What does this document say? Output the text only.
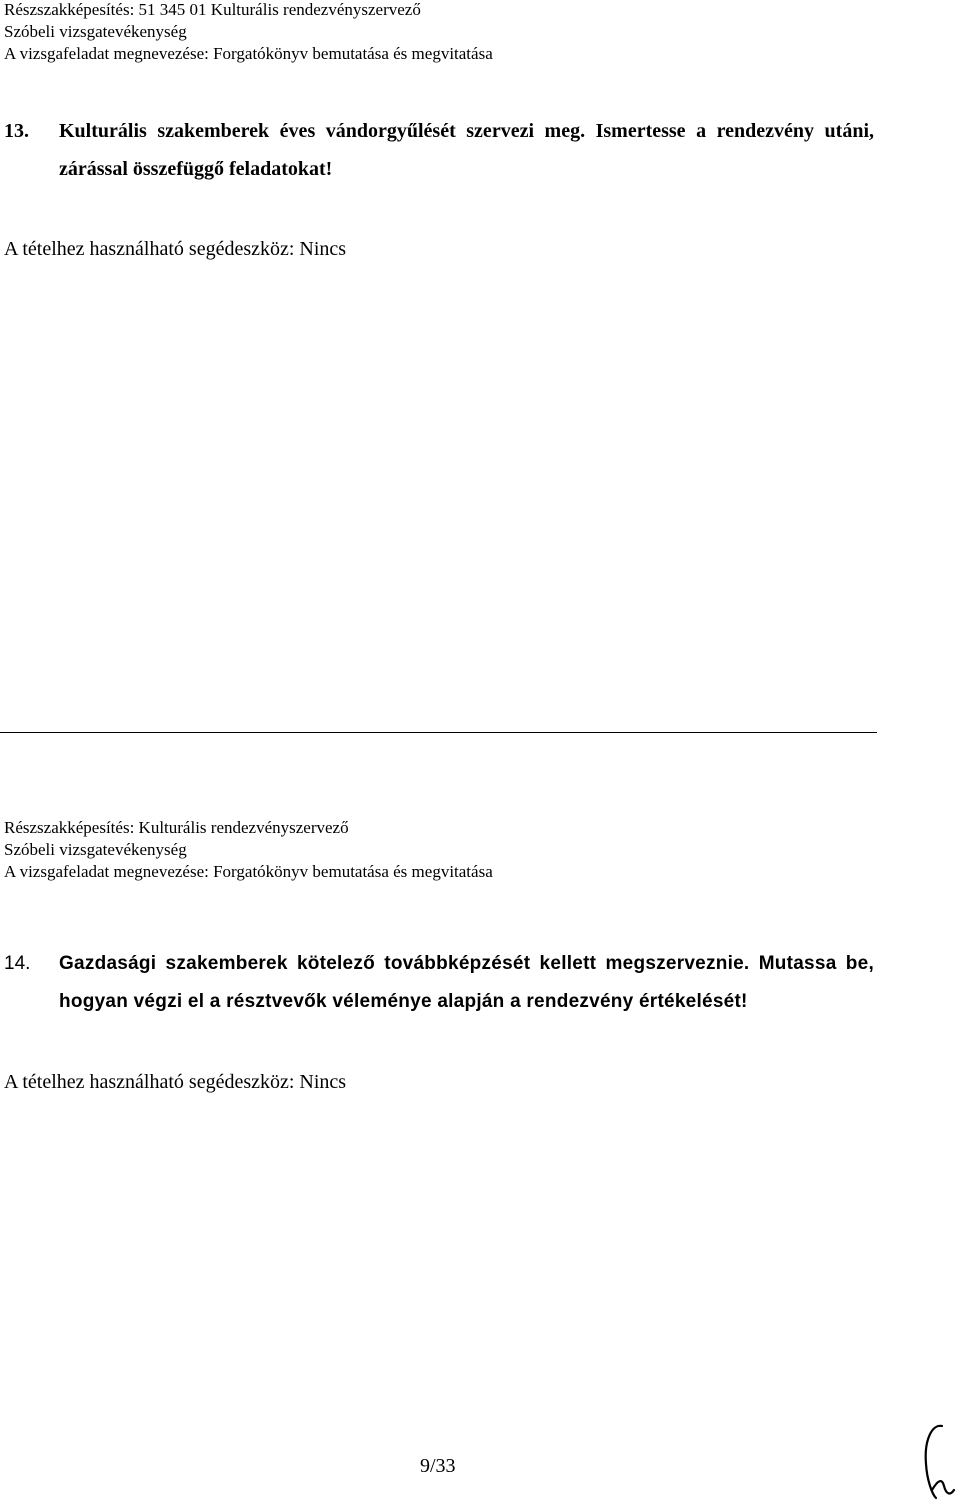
Részszakképesítés: 51 345 01 Kulturális rendezvényszervező
Szóbeli vizsgatevékenység
A vizsgafeladat megnevezése: Forgatókönyv bemutatása és megvitatása
13. Kulturális szakemberek éves vándorgyűlését szervezi meg. Ismertesse a rendezvény utáni, zárással összefüggő feladatokat!
A tételhez használható segédeszköz: Nincs
Részszakképesítés: Kulturális rendezvényszervező
Szóbeli vizsgatevékenység
A vizsgafeladat megnevezése: Forgatókönyv bemutatása és megvitatása
14. Gazdasági szakemberek kötelező továbbképzését kellett megszerveznie. Mutassa be, hogyan végzi el a résztvevők véleménye alapján a rendezvény értékelését!
A tételhez használható segédeszköz: Nincs
9/33
